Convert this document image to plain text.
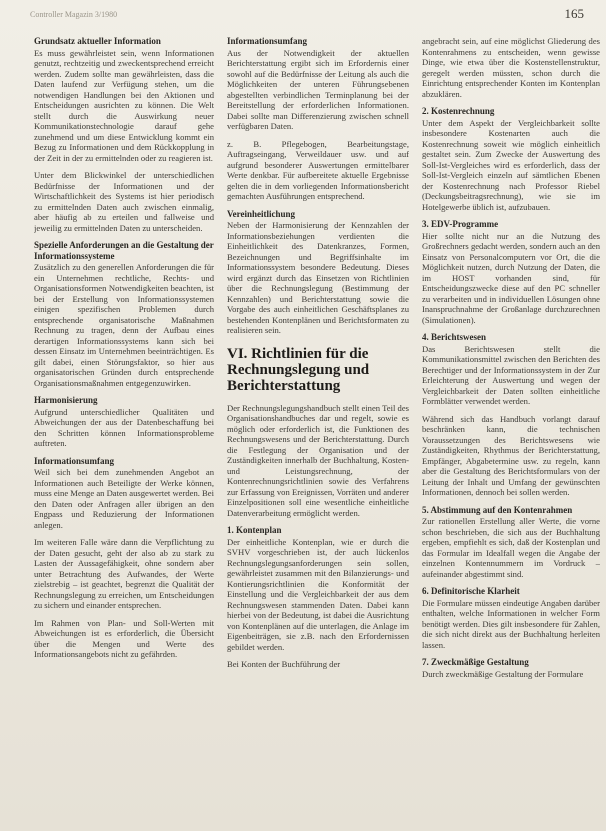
Controller Magazin 3/1980	165
Grundsatz aktueller Information

Es muss gewährleistet sein, wenn Informationen genutzt, rechtzeitig und zweckentsprechend erreicht werden. Zudem sollte man gewährleisten, dass die Daten laufend zur Verfügung stehen, um die notwendigen Handlungen bei den Aktionen und Entscheidungen ausrichten zu können. Die Welt stellt durch die Auswirkung neuer Kommunikationstechnologie darauf gehe zunehmend und um diese Entwicklung kommt ein Bezug zu Informationen und dem Rückkopplung in der Zeit in der zu ermittelnden oder zu reagieren ist.

Unter dem Blickwinkel der unterschiedlichen Bedürfnisse der Informationen und der Wirtschaftlichkeit des Systems ist hier periodisch zu ermittelnden Daten auch zwischen einmalig, aber häufig ab zu erteilen und fallweise und jeweilig zu ermittelnden Daten zu unterscheiden.

Spezielle Anforderungen an die Gestaltung der Informationssysteme

Zusätzlich zu den generellen Anforderungen die für ein Unternehmen rechtliche, Rechts- und Organisationsformen Notwendigkeiten beachten, ist bei der Erstellung von Informationssystemen einigen spezifischen Problemen durch entsprechende organisatorische Maßnahmen Rechnung zu tragen, denn der Aufbau eines derartigen Informationssystems kann sich bei dessen Einsatz im Unternehmen beeinträchtigen. Es gilt dabei, einen Störungsfaktor, so hier aus organisatorischen Gründen durch entsprechende Organisationsmaßnahmen entgegenzuwirken.

Harmonisierung

Aufgrund unterschiedlicher Qualitäten und Abweichungen der aus der Datenbeschaffung bei den Schritten können Informationsprobleme auftreten.

Informationsumfang

Weil sich bei dem zunehmenden Angebot an Informationen auch Beteiligte der Werke können, muss eine Menge an Daten ausgewertet werden. Bei den Daten oder Anfragen aller übrigen an den Engpass und Reduzierung der Informationen anlegen.

Im weiteren Falle wäre dann die Verpflichtung zu der Daten gesucht, geht der also ab zu stark zu Lasten der Aussagefähigkeit, ohne sondern aber unter Betrachtung des Aufwandes, der Werte zielstrebig – ist geachtet, begrenzt die Qualität der Rechnungslegung zu erreichen, um Entscheidungen zu sichern und einander entsprechen.

Im Rahmen von Plan- und Soll-Werten mit Abweichungen ist es erforderlich, die Übersicht über die Mengen und Werte des Informationsangebots nicht zu gefährden.

Informationsumfang

Aus der Notwendigkeit der aktuellen Berichterstattung ergibt sich im Erfordernis einer sowohl auf die Bedürfnisse der Leitung als auch die Möglichkeiten der unteren Führungsebenen abgestellten verbindlichen Terminplanung bei der Bereitstellung der erforderlichen Informationen. Dabei sollte man Differenzierung zwischen schnell verfügbaren Daten.

z. B. Pflegebogen, Bearbeitungstage, Auftragseingang, Verweildauer usw. und auf aufgrund besonderer Auswertungen ermittelbarer Werte denkbar. Für aufbereitete aktuelle Ergebnisse gelten die in dem vorliegenden Informationsbericht gemachten Ausführungen entsprechend.

Vereinheitlichung

Neben der Harmonisierung der Kennzahlen der Informationsbeziehungen verdienten die Einheitlichkeit des Datenkranzes, Formen, Bezeichnungen und Begriffsinhalte im Informationssystem besondere Bedeutung. Dieses wird ergänzt durch das Einsetzen von Richtlinien über die Rechnungslegung (Bestimmung der Kennzahlen) und Berichterstattung sowie die Vorgabe des auch einheitlichen Geschäftsplanes zu bestehenden Kontenplänen und Berichtsformaten zu realisieren sein.

VI. Richtlinien für die Rechnungslegung und Berichterstattung

Der Rechnungslegungshandbuch stellt einen Teil des Organisationshandbuches dar und regelt, sowie es möglich oder erforderlich ist, die Funktionen des Rechnungswesens und der Berichterstattung. Durch die Festlegung der Organisation und der Zuständigkeiten innerhalb der Buchhaltung, Kosten- und Leistungsrechnung, der Kontenrechnungsrichtlinien sowie des Verfahrens zur Erfassung von Ereignissen, Vorräten und anderer Einzelpositionen soll eine wesentliche einheitliche Datenverarbeitung ermöglicht werden.

1. Kontenplan

Der einheitliche Kontenplan, wie er durch die SVHV vorgeschrieben ist, der auch lückenlos Rechnungslegungsanforderungen sein sollen, gewährleistet zusammen mit den Bilanzierungs- und Kontierungsrichtlinien die Konformität der Einstellung und die Vergleichbarkeit der aus dem Rechnungswesen stammenden Daten. Dabei kann hierbei von der Bedeutung, ist dabei die Ausrichtung von Kontenplänen auf die unterlagen, die Anlage im Eigenbeiträgen, sie z.B. nach den Erfordernissen gebildet werden.

Bei Konten der Buchführung der

angebracht sein, auf eine möglichst Gliederung des Kontenrahmens zu entscheiden, wenn gewisse Dinge, wie etwa über die Kostenstellenstruktur, geregelt werden müssten, schon durch die Einrichtung entsprechender Konten im Kontenplan abzuklären.

2. Kostenrechnung

Unter dem Aspekt der Vergleichbarkeit sollte insbesondere Kostenarten auch die Kostenrechnung soweit wie möglich einheitlich gestaltet sein. Zum Zwecke der Auswertung des Soll-Ist-Vergleiches wird es erforderlich, dass der Soll-Ist-Vergleich einzeln auf sämtlichen Ebenen der Kostenrechnung nach Professor Riebel (Deckungsbeitragsrechnung), wie sie im Hotelgewerbe üblich ist, aufzubauen.

3. EDV-Programme

Hier sollte nicht nur an die Nutzung des Großrechners gedacht werden, sondern auch an den Einsatz von Personalcomputern vor Ort, die die Möglichkeit nutzen, durch Nutzung der Daten, die im HOST vorhanden sind, für Entscheidungszwecke diese auf den PC schneller zu verarbeiten und in individuellen Lösungen ohne Inanspruchnahme der Großanlage durchzurechnen (Simulationen).

4. Berichtswesen

Das Berichtswesen stellt die Kommunikationsmittel zwischen den Berichten des Berechtiger und der Informationssystem in der Zur Erleichterung der Auswertung und wegen der Vergleichbarkeit der Daten sollten einheitliche Formblätter verwendet werden.

Während sich das Handbuch vorlangt darauf beschränken kann, die technischen Voraussetzungen des Berichtswesens wie Zuständigkeiten, Rhythmus der Berichterstattung, Empfänger, Abgabetermine usw. zu regeln, kann aber die Gestaltung des Berichtsformulars von der Leitung der Inhalt und Umfang der gewünschten Informationen, dennoch bei sollen werden.

5. Abstimmung auf den Kontenrahmen

Zur rationellen Erstellung aller Werte, die vorne schon beschrieben, die sich aus der Buchhaltung ergeben, empfiehlt es sich, daß der Kostenplan und das Formular im Idealfall wegen die Angabe der einzelnen Kontennummern im Vordruck – aufeinander abgestimmt sind.

6. Definitorische Klarheit

Die Formulare müssen eindeutige Angaben darüber enthalten, welche Informationen in welcher Form benötigt werden. Dies gilt insbesondere für Zahlen, die sich nicht direkt aus der Buchhaltung herleiten lassen.

7. Zweckmäßige Gestaltung

Durch zweckmäßige Gestaltung der Formulare
